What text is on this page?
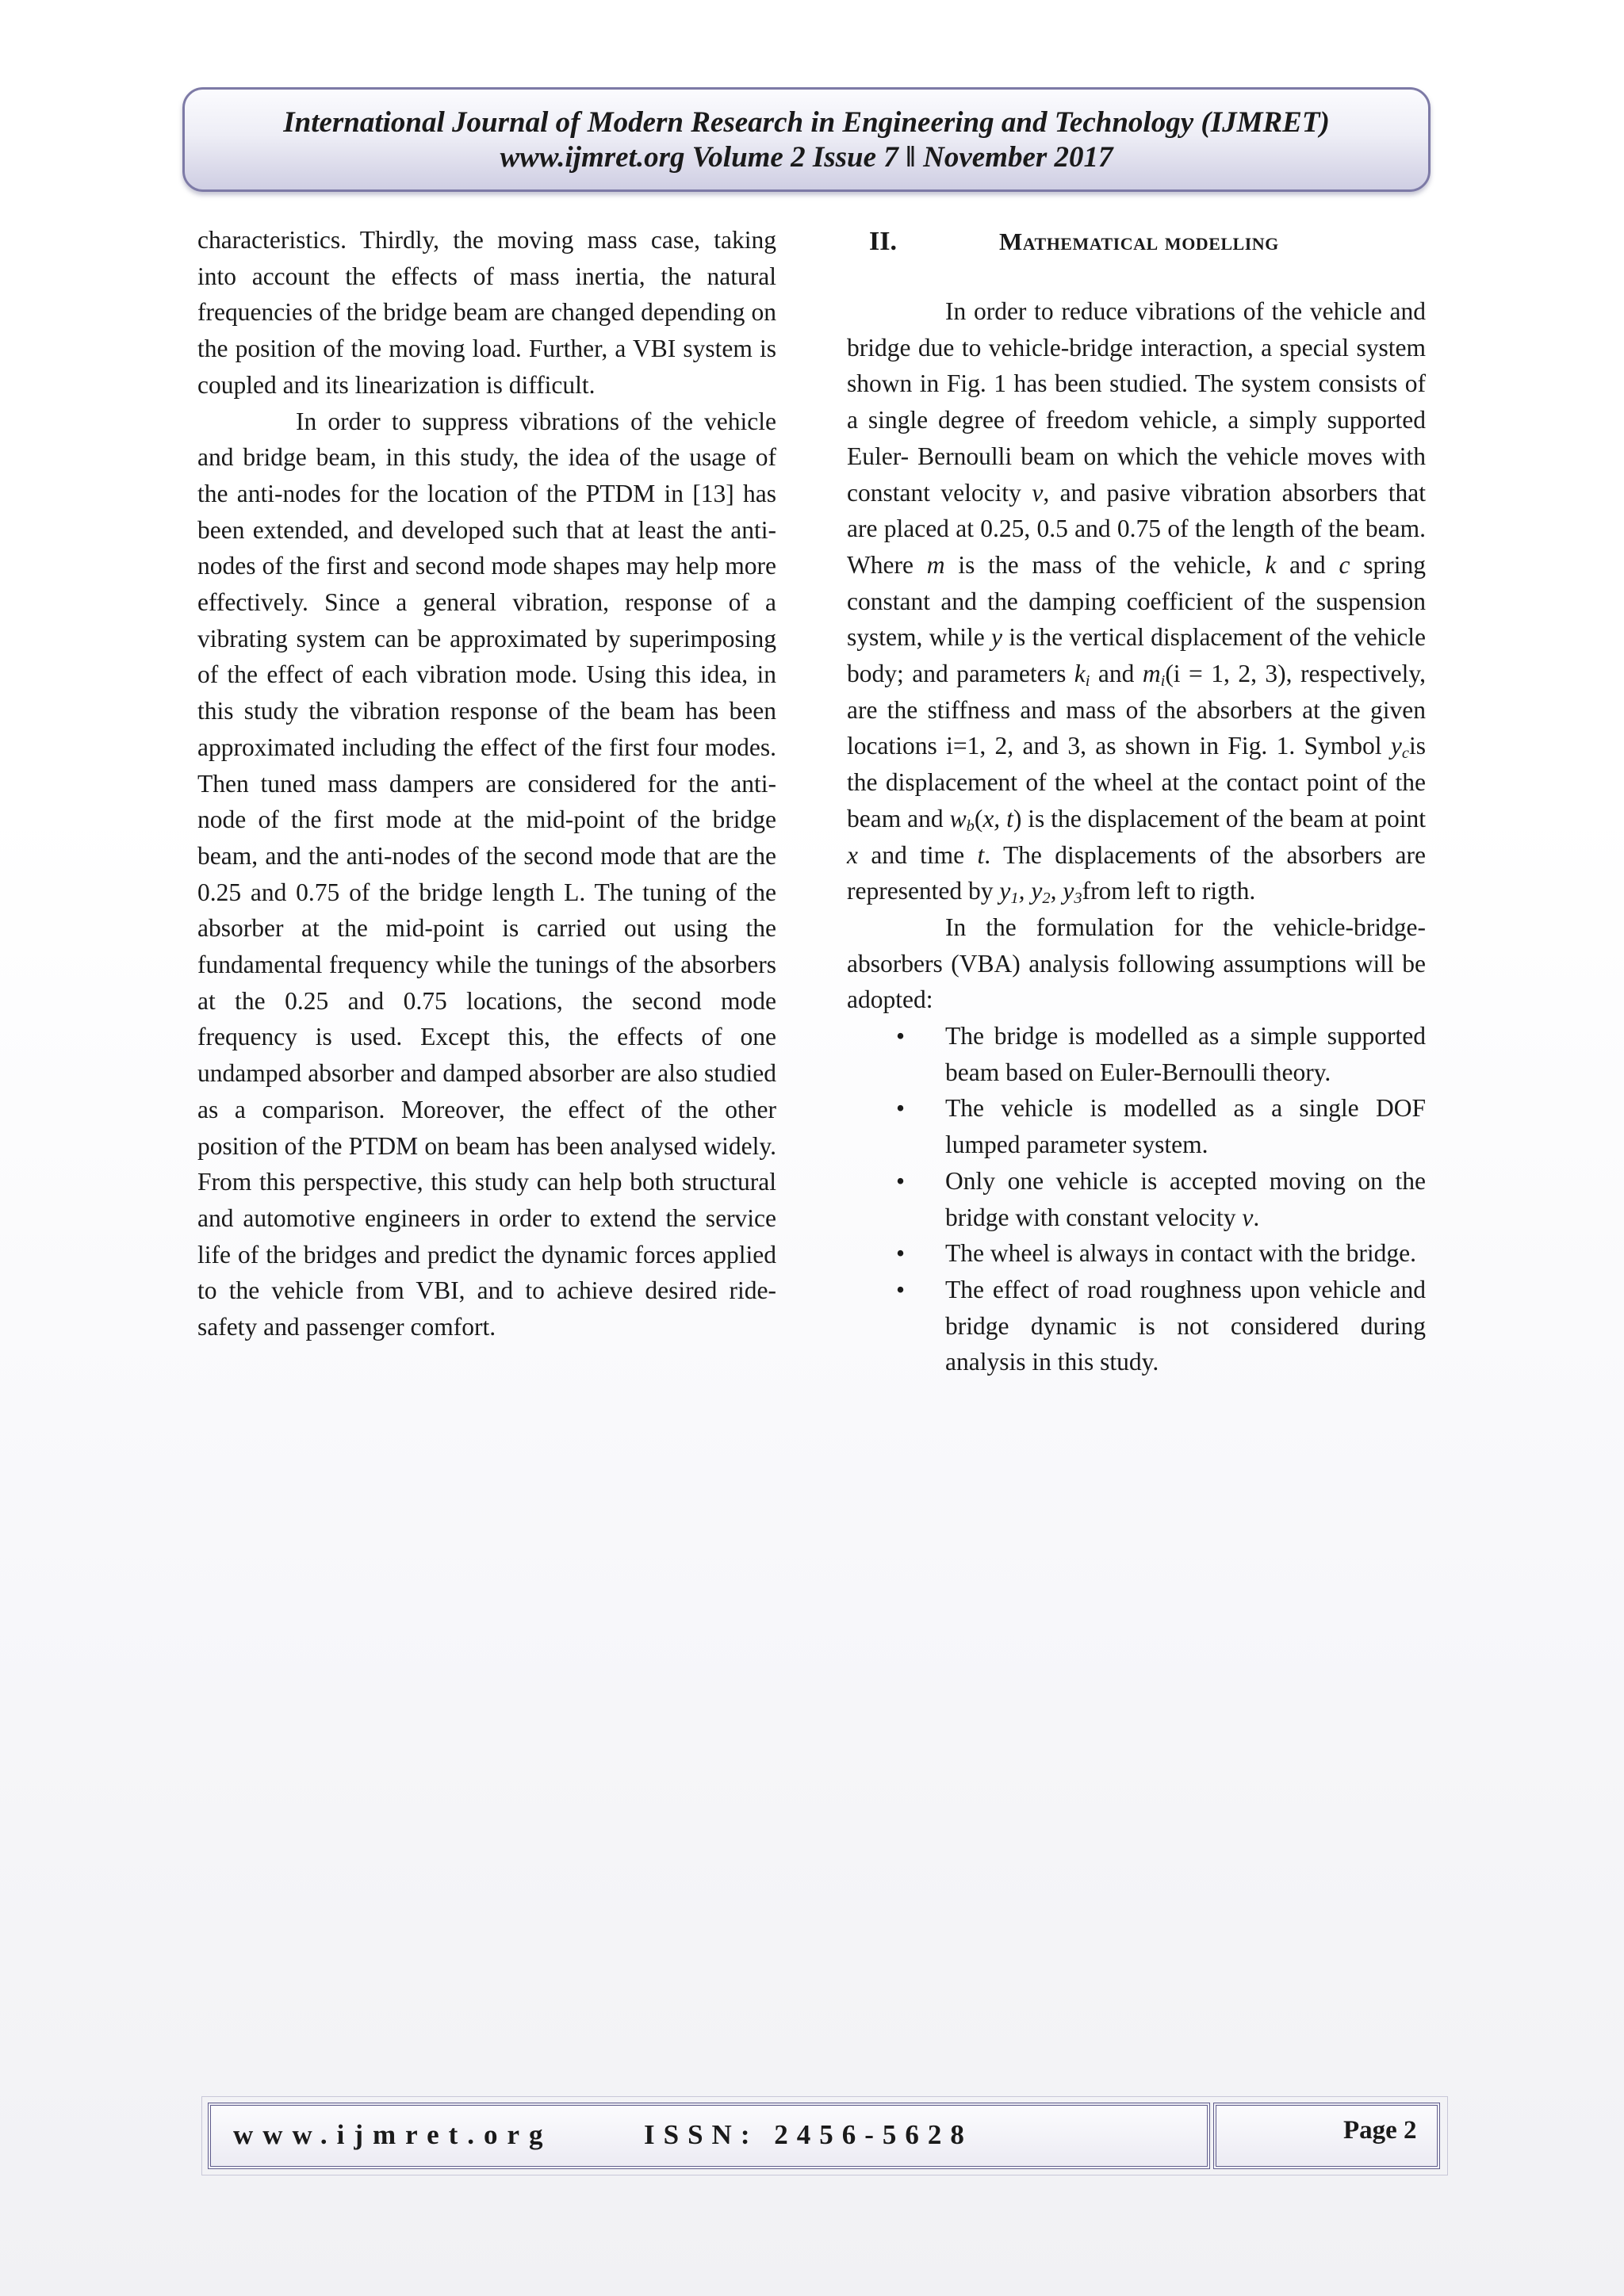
International Journal of Modern Research in Engineering and Technology (IJMRET)
www.ijmret.org Volume 2 Issue 7 ǁ November 2017

characteristics. Thirdly, the moving mass case, taking into account the effects of mass inertia, the natural frequencies of the bridge beam are changed depending on the position of the moving load. Further, a VBI system is coupled and its linearization is difficult.

In order to suppress vibrations of the vehicle and bridge beam, in this study, the idea of the usage of the anti-nodes for the location of the PTDM in [13] has been extended, and developed such that at least the anti-nodes of the first and second mode shapes may help more effectively. Since a general vibration, response of a vibrating system can be approximated by superimposing of the effect of each vibration mode. Using this idea, in this study the vibration response of the beam has been approximated including the effect of the first four modes. Then tuned mass dampers are considered for the anti-node of the first mode at the mid-point of the bridge beam, and the anti-nodes of the second mode that are the 0.25 and 0.75 of the bridge length L. The tuning of the absorber at the mid-point is carried out using the fundamental frequency while the tunings of the absorbers at the 0.25 and 0.75 locations, the second mode frequency is used. Except this, the effects of one undamped absorber and damped absorber are also studied as a comparison. Moreover, the effect of the other position of the PTDM on beam has been analysed widely. From this perspective, this study can help both structural and automotive engineers in order to extend the service life of the bridges and predict the dynamic forces applied to the vehicle from VBI, and to achieve desired ride-safety and passenger comfort.

II.	Mathematical modelling

In order to reduce vibrations of the vehicle and bridge due to vehicle-bridge interaction, a special system shown in Fig. 1 has been studied. The system consists of a single degree of freedom vehicle, a simply supported Euler- Bernoulli beam on which the vehicle moves with constant velocity v, and pasive vibration absorbers that are placed at 0.25, 0.5 and 0.75 of the length of the beam. Where m is the mass of the vehicle, k and c spring constant and the damping coefficient of the suspension system, while y is the vertical displacement of the vehicle body; and parameters $k_i$ and $m_i(i = 1$, 2, 3), respectively, are the stiffness and mass of the absorbers at the given locations i=1, 2, and 3, as shown in Fig. 1. Symbol $y_cis$ the displacement of the wheel at the contact point of the beam and $w_b(x$, t) is the displacement of the beam at point x and time t. The displacements of the absorbers are represented by $y_1$, $y_2$, $y_3from$ left to rigth.

In the formulation for the vehicle-bridge-absorbers (VBA) analysis following assumptions will be adopted:

• The bridge is modelled as a simple supported beam based on Euler-Bernoulli theory.
• The vehicle is modelled as a single DOF lumped parameter system.
• Only one vehicle is accepted moving on the bridge with constant velocity v.
• The wheel is always in contact with the bridge.
• The effect of road roughness upon vehicle and bridge dynamic is not considered during analysis in this study.
www.ijmret.org	ISSN: 2456-5628	Page 2
